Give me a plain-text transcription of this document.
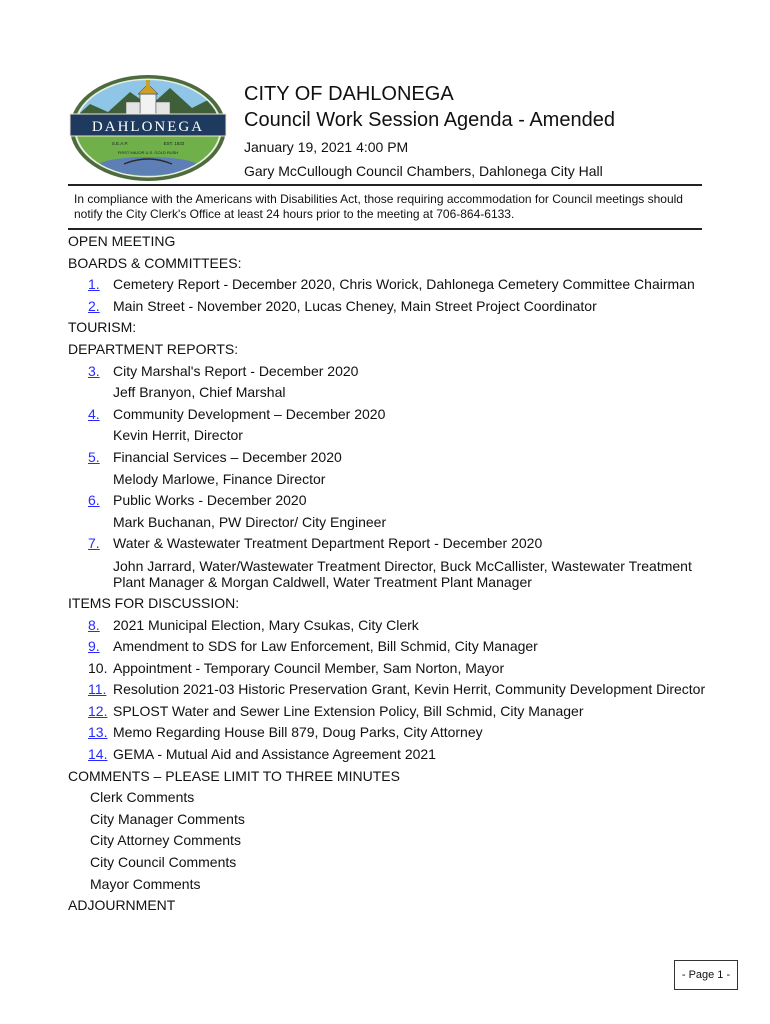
DAHLONEGA
S.E.A.P.	EST. 1833
FIRST MAJOR U.S. GOLD RUSH
CITY OF DAHLONEGA
Council Work Session Agenda - Amended
January 19, 2021 4:00 PM
Gary McCullough Council Chambers, Dahlonega City Hall
In compliance with the Americans with Disabilities Act, those requiring accommodation for Council meetings should notify the City Clerk's Office at least 24 hours prior to the meeting at 706-864-6133.
OPEN MEETING
BOARDS & COMMITTEES:
1. Cemetery Report - December 2020, Chris Worick, Dahlonega Cemetery Committee Chairman
2. Main Street - November 2020, Lucas Cheney, Main Street Project Coordinator
TOURISM:
DEPARTMENT REPORTS:
3. City Marshal's Report - December 2020
Jeff Branyon, Chief Marshal
4. Community Development – December 2020
Kevin Herrit, Director
5. Financial Services – December 2020
Melody Marlowe, Finance Director
6. Public Works - December 2020
Mark Buchanan, PW Director/ City Engineer
7. Water & Wastewater Treatment Department Report - December 2020
John Jarrard, Water/Wastewater Treatment Director, Buck McCallister, Wastewater Treatment Plant Manager & Morgan Caldwell, Water Treatment Plant Manager
ITEMS FOR DISCUSSION:
8. 2021 Municipal Election, Mary Csukas, City Clerk
9. Amendment to SDS for Law Enforcement, Bill Schmid, City Manager
10. Appointment - Temporary Council Member, Sam Norton, Mayor
11. Resolution 2021-03 Historic Preservation Grant, Kevin Herrit, Community Development Director
12. SPLOST Water and Sewer Line Extension Policy, Bill Schmid, City Manager
13. Memo Regarding House Bill 879, Doug Parks, City Attorney
14. GEMA - Mutual Aid and Assistance Agreement 2021
COMMENTS – PLEASE LIMIT TO THREE MINUTES
Clerk Comments
City Manager Comments
City Attorney Comments
City Council Comments
Mayor Comments
ADJOURNMENT
- Page 1 -
